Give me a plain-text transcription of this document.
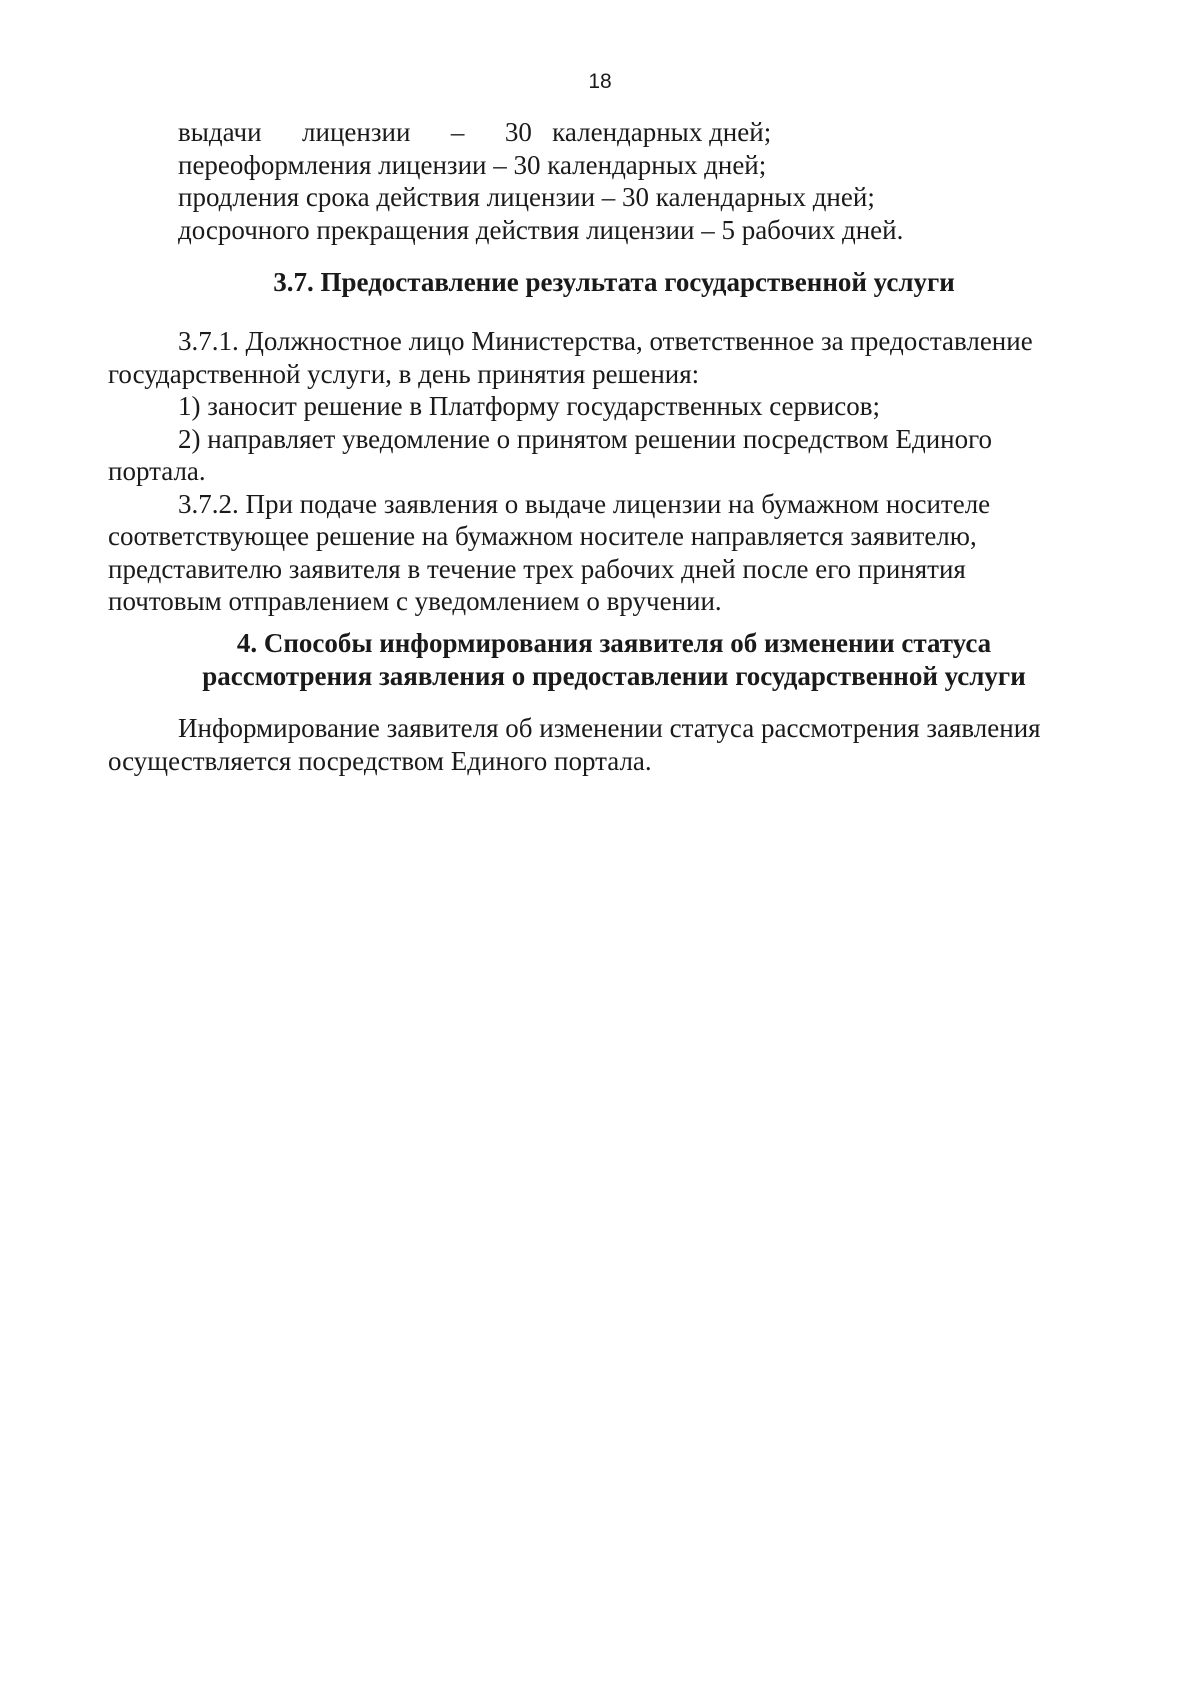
18
выдачи      лицензии      –      30   календарных дней;
переоформления лицензии – 30 календарных дней;
продления срока действия лицензии – 30 календарных дней;
досрочного прекращения действия лицензии – 5 рабочих дней.
3.7. Предоставление результата государственной услуги
3.7.1. Должностное лицо Министерства, ответственное за предоставление
государственной услуги, в день принятия решения:
1) заносит решение в Платформу государственных сервисов;
2) направляет уведомление о принятом решении посредством Единого
портала.
3.7.2. При подаче заявления о выдаче лицензии на бумажном носителе
соответствующее решение на бумажном носителе направляется заявителю,
представителю заявителя в течение трех рабочих дней после его принятия
почтовым отправлением с уведомлением о вручении.
4. Способы информирования заявителя об изменении статуса
рассмотрения заявления о предоставлении государственной услуги
Информирование заявителя об изменении статуса рассмотрения заявления
осуществляется посредством Единого портала.
